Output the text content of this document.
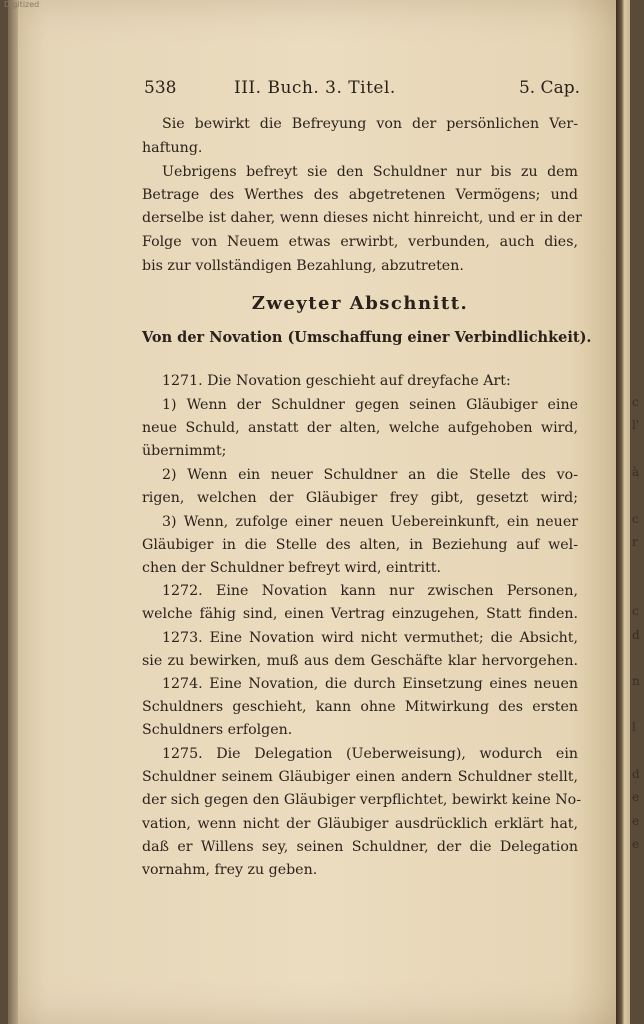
Digitized
538	III. Buch. 3. Titel.	5. Cap.
Sie bewirkt die Befreyung von der persönlichen Ver-
haftung.
Uebrigens befreyt sie den Schuldner nur bis zu dem
Betrage des Werthes des abgetretenen Vermögens; und
derselbe ist daher, wenn dieses nicht hinreicht, und er in der
Folge von Neuem etwas erwirbt, verbunden, auch dies,
bis zur vollständigen Bezahlung, abzutreten.
Zweyter Abschnitt.
Von der Novation (Umschaffung einer Verbindlichkeit).
1271. Die Novation geschieht auf dreyfache Art:
1) Wenn der Schuldner gegen seinen Gläubiger eine
neue Schuld, anstatt der alten, welche aufgehoben wird,
übernimmt;
2) Wenn ein neuer Schuldner an die Stelle des vo-
rigen, welchen der Gläubiger frey gibt, gesetzt wird;
3) Wenn, zufolge einer neuen Uebereinkunft, ein neuer
Gläubiger in die Stelle des alten, in Beziehung auf wel-
chen der Schuldner befreyt wird, eintritt.
1272. Eine Novation kann nur zwischen Personen,
welche fähig sind, einen Vertrag einzugehen, Statt finden.
1273. Eine Novation wird nicht vermuthet; die Absicht,
sie zu bewirken, muß aus dem Geschäfte klar hervorgehen.
1274. Eine Novation, die durch Einsetzung eines neuen
Schuldners geschieht, kann ohne Mitwirkung des ersten
Schuldners erfolgen.
1275. Die Delegation (Ueberweisung), wodurch ein
Schuldner seinem Gläubiger einen andern Schuldner stellt,
der sich gegen den Gläubiger verpflichtet, bewirkt keine No-
vation, wenn nicht der Gläubiger ausdrücklich erklärt hat,
daß er Willens sey, seinen Schuldner, der die Delegation
vornahm, frey zu geben.
c
l'
à
c
r
c
d
n
l
d
e
e
e
